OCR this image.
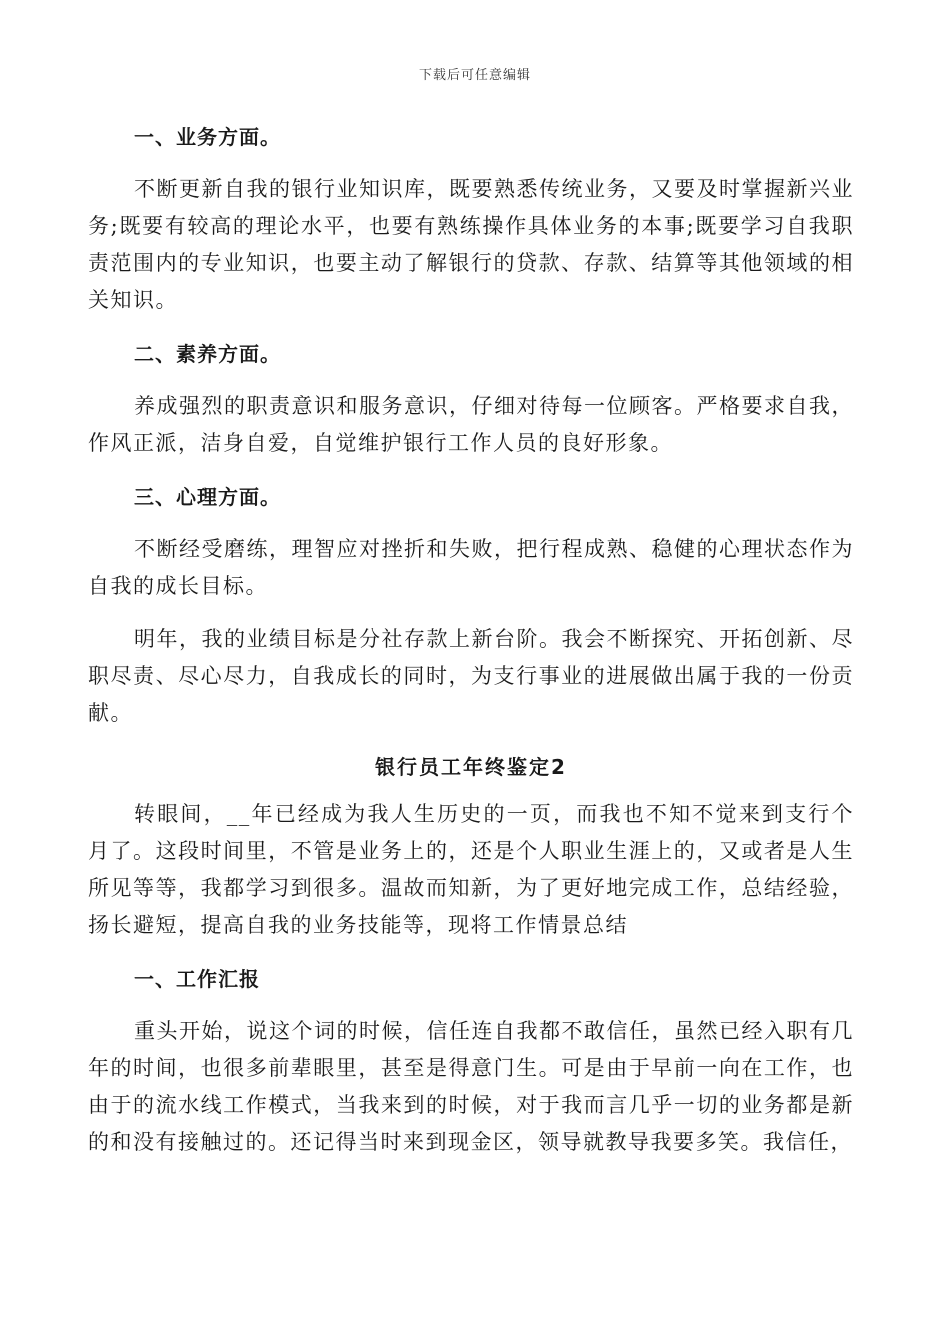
下载后可任意编辑
一、业务方面。

不断更新自我的银行业知识库，既要熟悉传统业务，又要及时掌握新兴业务;既要有较高的理论水平，也要有熟练操作具体业务的本事;既要学习自我职责范围内的专业知识，也要主动了解银行的贷款、存款、结算等其他领域的相关知识。

二、素养方面。

养成强烈的职责意识和服务意识，仔细对待每一位顾客。严格要求自我，作风正派，洁身自爱，自觉维护银行工作人员的良好形象。

三、心理方面。

不断经受磨练，理智应对挫折和失败，把行程成熟、稳健的心理状态作为自我的成长目标。

明年，我的业绩目标是分社存款上新台阶。我会不断探究、开拓创新、尽职尽责、尽心尽力，自我成长的同时，为支行事业的进展做出属于我的一份贡献。

银行员工年终鉴定2

转眼间，__年已经成为我人生历史的一页，而我也不知不觉来到支行个月了。这段时间里，不管是业务上的，还是个人职业生涯上的，又或者是人生所见等等，我都学习到很多。温故而知新，为了更好地完成工作，总结经验，扬长避短，提高自我的业务技能等，现将工作情景总结

一、工作汇报

重头开始，说这个词的时候，信任连自我都不敢信任，虽然已经入职有几年的时间，也很多前辈眼里，甚至是得意门生。可是由于早前一向在工作，也由于的流水线工作模式，当我来到的时候，对于我而言几乎一切的业务都是新的和没有接触过的。还记得当时来到现金区，领导就教导我要多笑。我信任，
